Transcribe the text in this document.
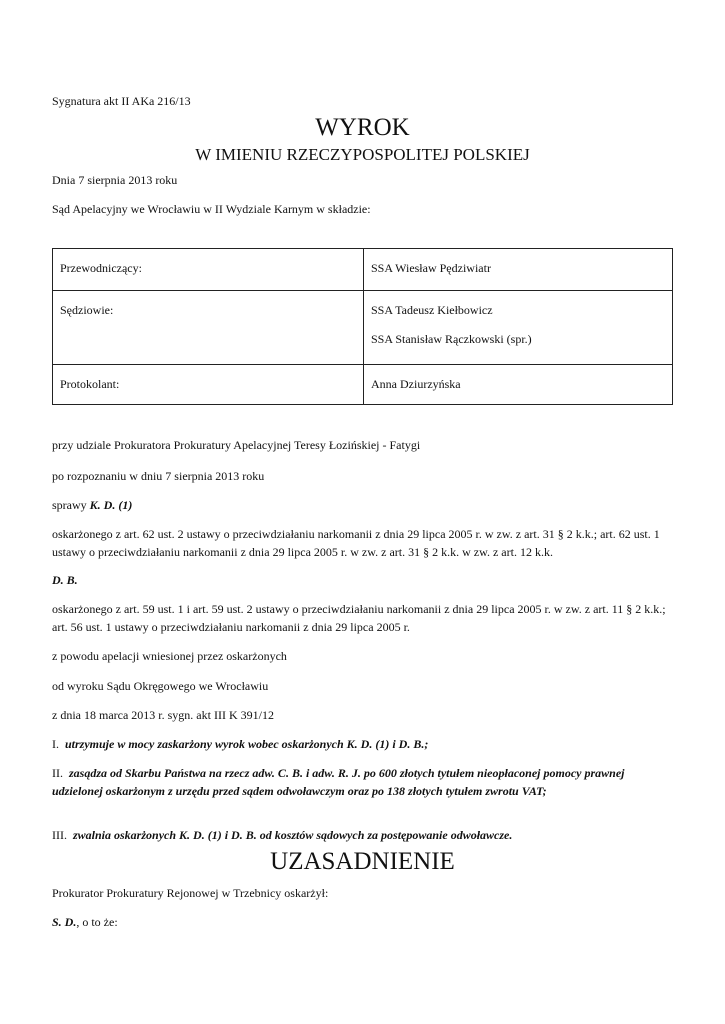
Sygnatura akt II AKa 216/13

WYROK
W IMIENIU RZECZYPOSPOLITEJ POLSKIEJ

Dnia 7 sierpnia 2013 roku

Sąd Apelacyjny we Wrocławiu w II Wydziale Karnym w składzie:

Przewodniczący:	SSA Wiesław Pędziwiatr
Sędziowie:	SSA Tadeusz Kiełbowicz
SSA Stanisław Rączkowski (spr.)

Protokolant:	Anna Dziurzyńska

przy udziale Prokuratora Prokuratury Apelacyjnej Teresy Łozińskiej - Fatygi

po rozpoznaniu w dniu 7 sierpnia 2013 roku

sprawy K. D. (1)

oskarżonego z art. 62 ust. 2 ustawy o przeciwdziałaniu narkomanii z dnia 29 lipca 2005 r. w zw. z art. 31 § 2 k.k.; art. 62 ust. 1 ustawy o przeciwdziałaniu narkomanii z dnia 29 lipca 2005 r. w zw. z art. 31 § 2 k.k. w zw. z art. 12 k.k.

D. B.

oskarżonego z art. 59 ust. 1 i art. 59 ust. 2 ustawy o przeciwdziałaniu narkomanii z dnia 29 lipca 2005 r. w zw. z art. 11 § 2 k.k.; art. 56 ust. 1 ustawy o przeciwdziałaniu narkomanii z dnia 29 lipca 2005 r.

z powodu apelacji wniesionej przez oskarżonych

od wyroku Sądu Okręgowego we Wrocławiu

z dnia 18 marca 2013 r. sygn. akt III K 391/12

I. utrzymuje w mocy zaskarżony wyrok wobec oskarżonych K. D. (1) i D. B.;

II. zasądza od Skarbu Państwa na rzecz adw. C. B. i adw. R. J. po 600 złotych tytułem nieopłaconej pomocy prawnej udzielonej oskarżonym z urzędu przed sądem odwoławczym oraz po 138 złotych tytułem zwrotu VAT;

III. zwalnia oskarżonych K. D. (1) i D. B. od kosztów sądowych za postępowanie odwoławcze.

UZASADNIENIE

Prokurator Prokuratury Rejonowej w Trzebnicy oskarżył:

S. D., o to że:
